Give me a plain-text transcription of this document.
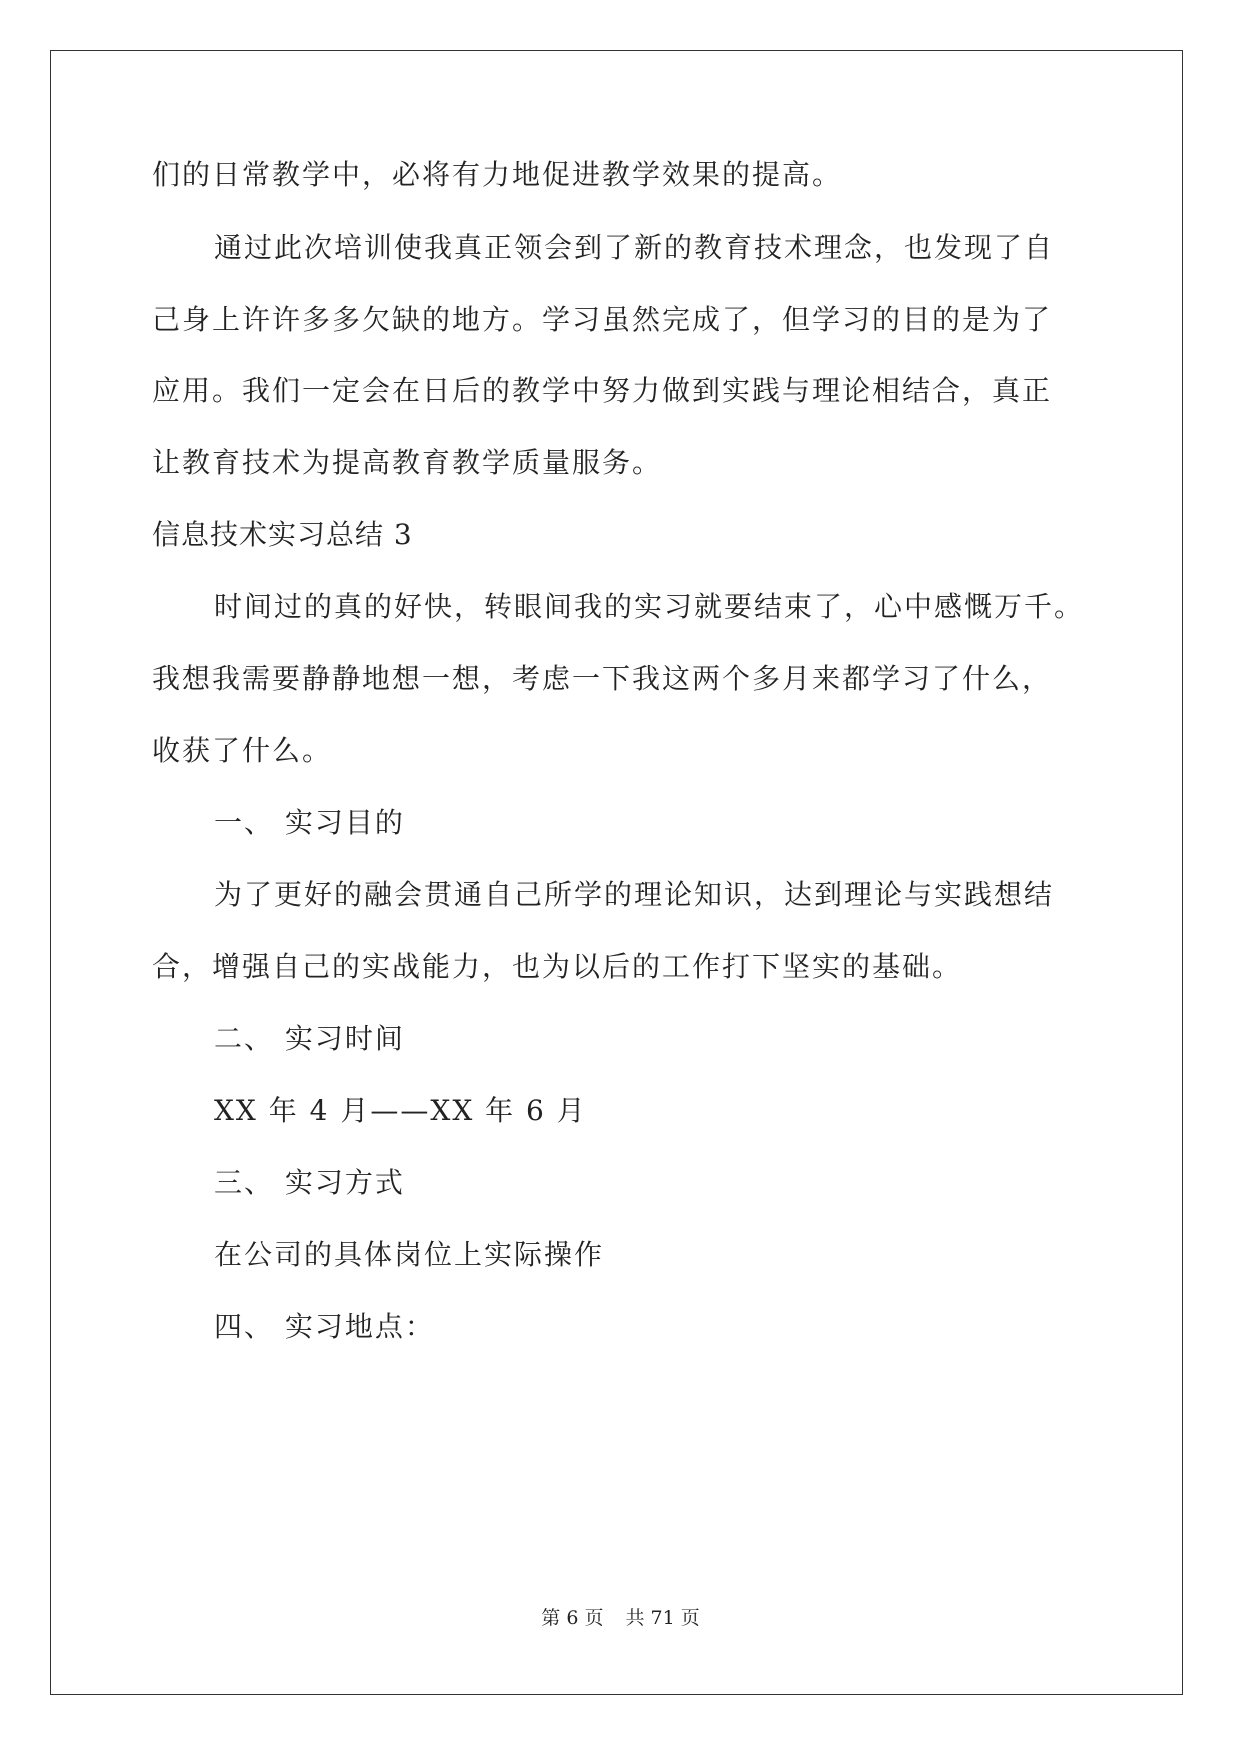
们的日常教学中，必将有力地促进教学效果的提高。
通过此次培训使我真正领会到了新的教育技术理念，也发现了自
己身上许许多多欠缺的地方。学习虽然完成了，但学习的目的是为了
应用。我们一定会在日后的教学中努力做到实践与理论相结合，真正
让教育技术为提高教育教学质量服务。
信息技术实习总结 3
时间过的真的好快，转眼间我的实习就要结束了，心中感慨万千。
我想我需要静静地想一想，考虑一下我这两个多月来都学习了什么，
收获了什么。
一、 实习目的
为了更好的融会贯通自己所学的理论知识，达到理论与实践想结
合，增强自己的实战能力，也为以后的工作打下坚实的基础。
二、 实习时间
XX 年 4 月——XX 年 6 月
三、 实习方式
在公司的具体岗位上实际操作
四、 实习地点：
第 6 页 共 71 页
